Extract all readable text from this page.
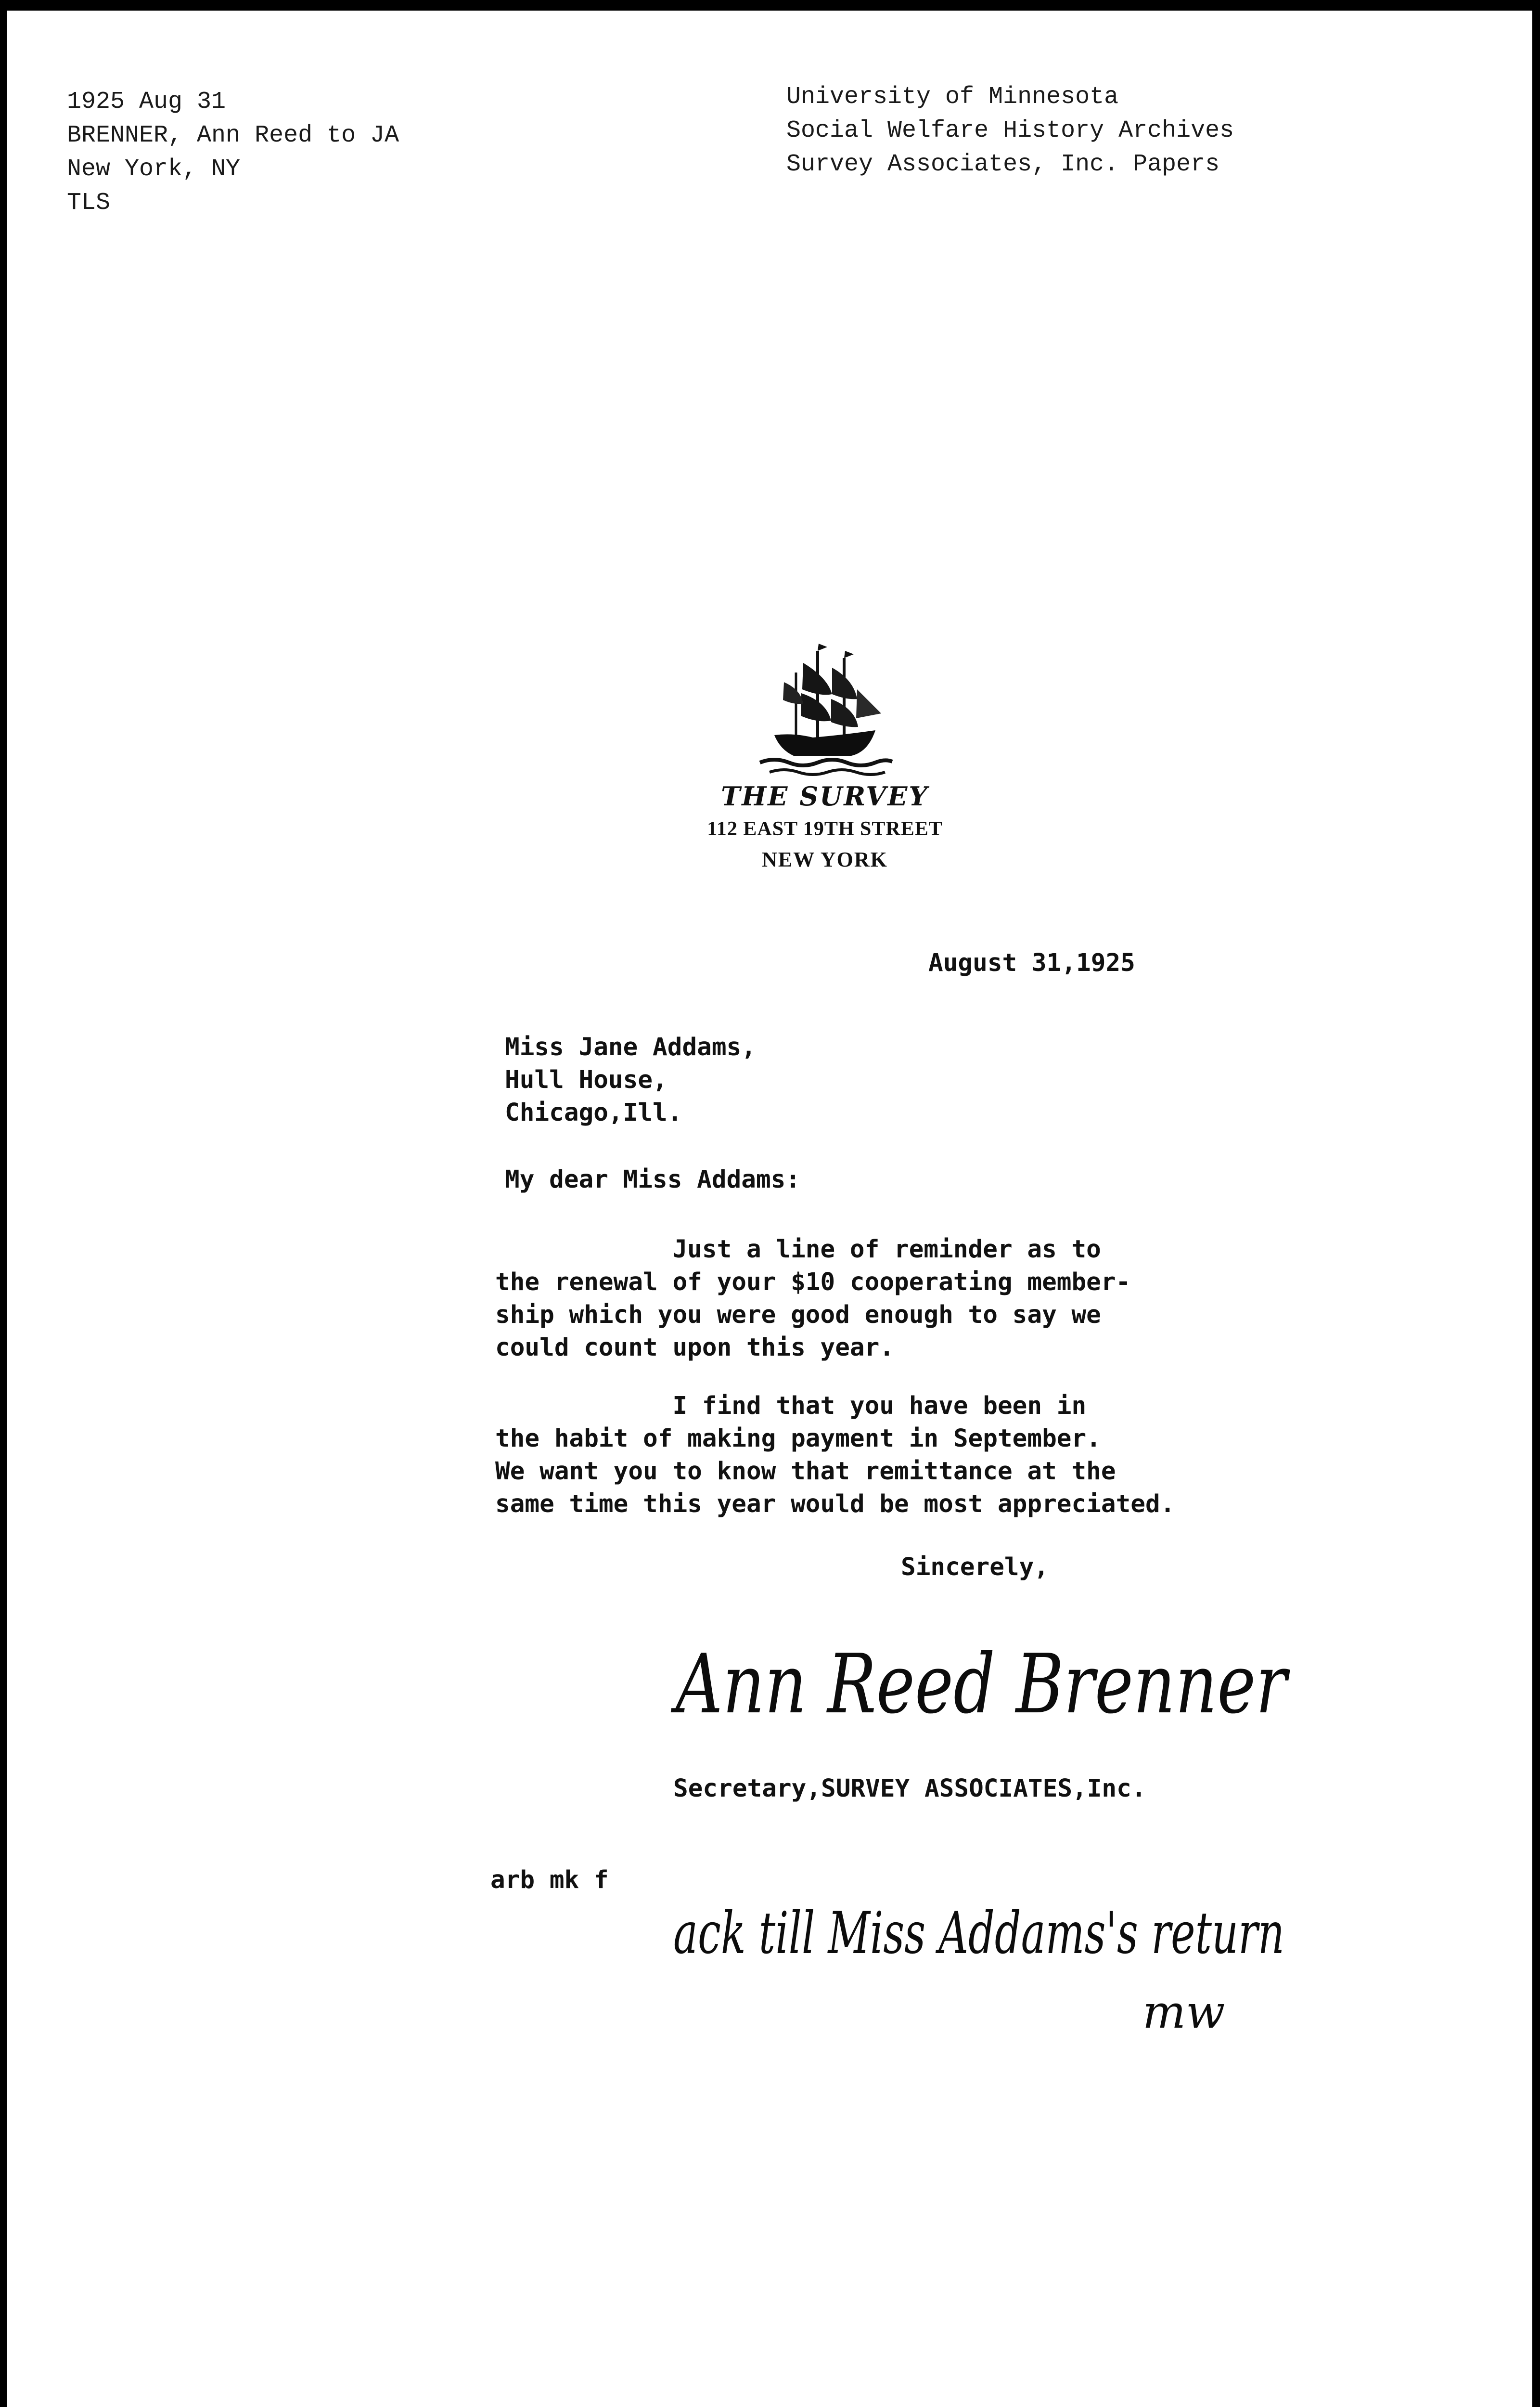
1925 Aug 31
BRENNER, Ann Reed to JA
New York, NY
TLS
University of Minnesota
Social Welfare History Archives
Survey Associates, Inc. Papers
THE SURVEY
112 EAST 19TH STREET
NEW YORK
August 31,1925
Miss Jane Addams,
Hull House,
Chicago,Ill.
My dear Miss Addams:
Just a line of reminder as to
the renewal of your $10 cooperating member-
ship which you were good enough to say we
could count upon this year.
I find that you have been in
the habit of making payment in September.
We want you to know that remittance at the
same time this year would be most appreciated.
Sincerely,
Ann Reed Brenner
Secretary,SURVEY ASSOCIATES,Inc.
arb mk f
ack till Miss Addams's return
mw
